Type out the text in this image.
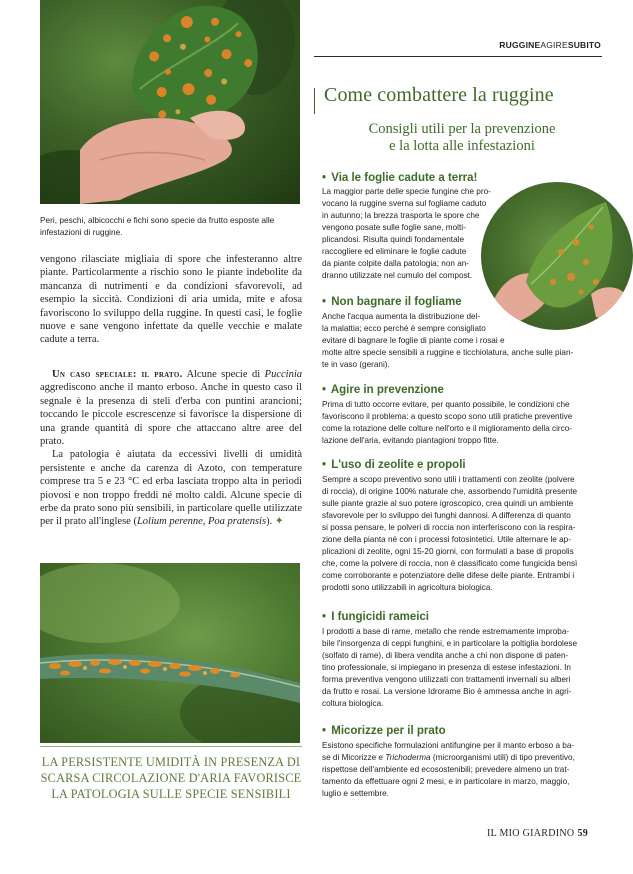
RUGGINEAGIRESUBITO
Peri, peschi, albicocchi e fichi sono specie da frutto esposte alle infestazioni di ruggine.

vengono rilasciate migliaia di spore che infesteranno altre piante. Particolarmente a rischio sono le piante indebolite da mancanza di nutrimenti e da condizioni sfavorevoli, ad esempio la siccità. Condizioni di aria umida, mite e afosa favoriscono lo sviluppo della ruggine. In questi casi, le foglie nuove e sane vengono infettate da quelle vecchie e malate cadute a terra.

Un caso speciale: il prato. Alcune specie di Puccinia aggrediscono anche il manto erboso. Anche in questo caso il segnale è la presenza di steli d'erba con puntini arancioni; toccando le piccole escrescenze si favorisce la dispersione di una grande quantità di spore che attaccano altre aree del prato.

La patologia è aiutata da eccessivi livelli di umidità persistente e anche da carenza di Azoto, con temperature comprese tra 5 e 23 °C ed erba lasciata troppo alta in periodi piovosi e non troppo freddi né molto caldi. Alcune specie di erbe da prato sono più sensibili, in particolare quelle utilizzate per il prato all'inglese (Lolium perenne, Poa pratensis). ✦

LA PERSISTENTE UMIDITÀ IN PRESENZA DI SCARSA CIRCOLAZIONE D'ARIA FAVORISCE LA PATOLOGIA SULLE SPECIE SENSIBILI
Come combattere la ruggine
Consigli utili per la prevenzione
e la lotta alle infestazioni
• Via le foglie cadute a terra!
La maggior parte delle specie fungine che pro-
vocano la ruggine sverna sul fogliame caduto
in autunno; la brezza trasporta le spore che
vengono posate sulle foglie sane, molti-
plicandosi. Risulta quindi fondamentale
raccogliere ed eliminare le foglie cadute
da piante colpite dalla patologia; non an-
dranno utilizzate nel cumulo del compost.
• Non bagnare il fogliame
Anche l'acqua aumenta la distribuzione del-
la malattia; ecco perché è sempre consigliato
evitare di bagnare le foglie di piante come i rosai e
molte altre specie sensibili a ruggine e ticchiolatura, anche sulle pian-
te in vaso (gerani).
• Agire in prevenzione
Prima di tutto occorre evitare, per quanto possibile, le condizioni che
favoriscono il problema: a questo scopo sono utili pratiche preventive
come la rotazione delle colture nell'orto e il miglioramento della circo-
lazione dell'aria, evitando piantagioni troppo fitte.
• L'uso di zeolite e propoli
Sempre a scopo preventivo sono utili i trattamenti con zeolite (polvere
di roccia), di origine 100% naturale che, assorbendo l'umidità presente
sulle piante grazie al suo potere igroscopico, crea quindi un ambiente
sfavorevole per lo sviluppo dei funghi dannosi. A differenza di quanto
si possa pensare, le polveri di roccia non interferiscono con la respira-
zione della pianta né con i processi fotosintetici. Utile alternare le ap-
plicazioni di zeolite, ogni 15-20 giorni, con formulati a base di propolis
che, come la polvere di roccia, non è classificato come fungicida bensì
come corroborante e potenziatore delle difese delle piante. Entrambi i
prodotti sono utilizzabili in agricoltura biologica.
• I fungicidi rameici
I prodotti a base di rame, metallo che rende estremamente improba-
bile l'insorgenza di ceppi funghini, e in particolare la poltiglia bordolese
(solfato di rame), di libera vendita anche a chi non dispone di paten-
tino professionale, si impiegano in presenza di estese infestazioni. In
forma preventiva vengono utilizzati con trattamenti invernali su alberi
da frutto e rosai. La versione Idrorame Bio è ammessa anche in agri-
coltura biologica.
• Micorizze per il prato
Esistono specifiche formulazioni antifungine per il manto erboso a ba-
se di Micorizze e Trichoderma (microorganismi utili) di tipo preventivo,
rispettose dell'ambiente ed ecosostenibili; prevedere almeno un trat-
tamento da effettuare ogni 2 mesi, e in particolare in marzo, maggio,
luglio e settembre.
IL MIO GIARDINO 59
